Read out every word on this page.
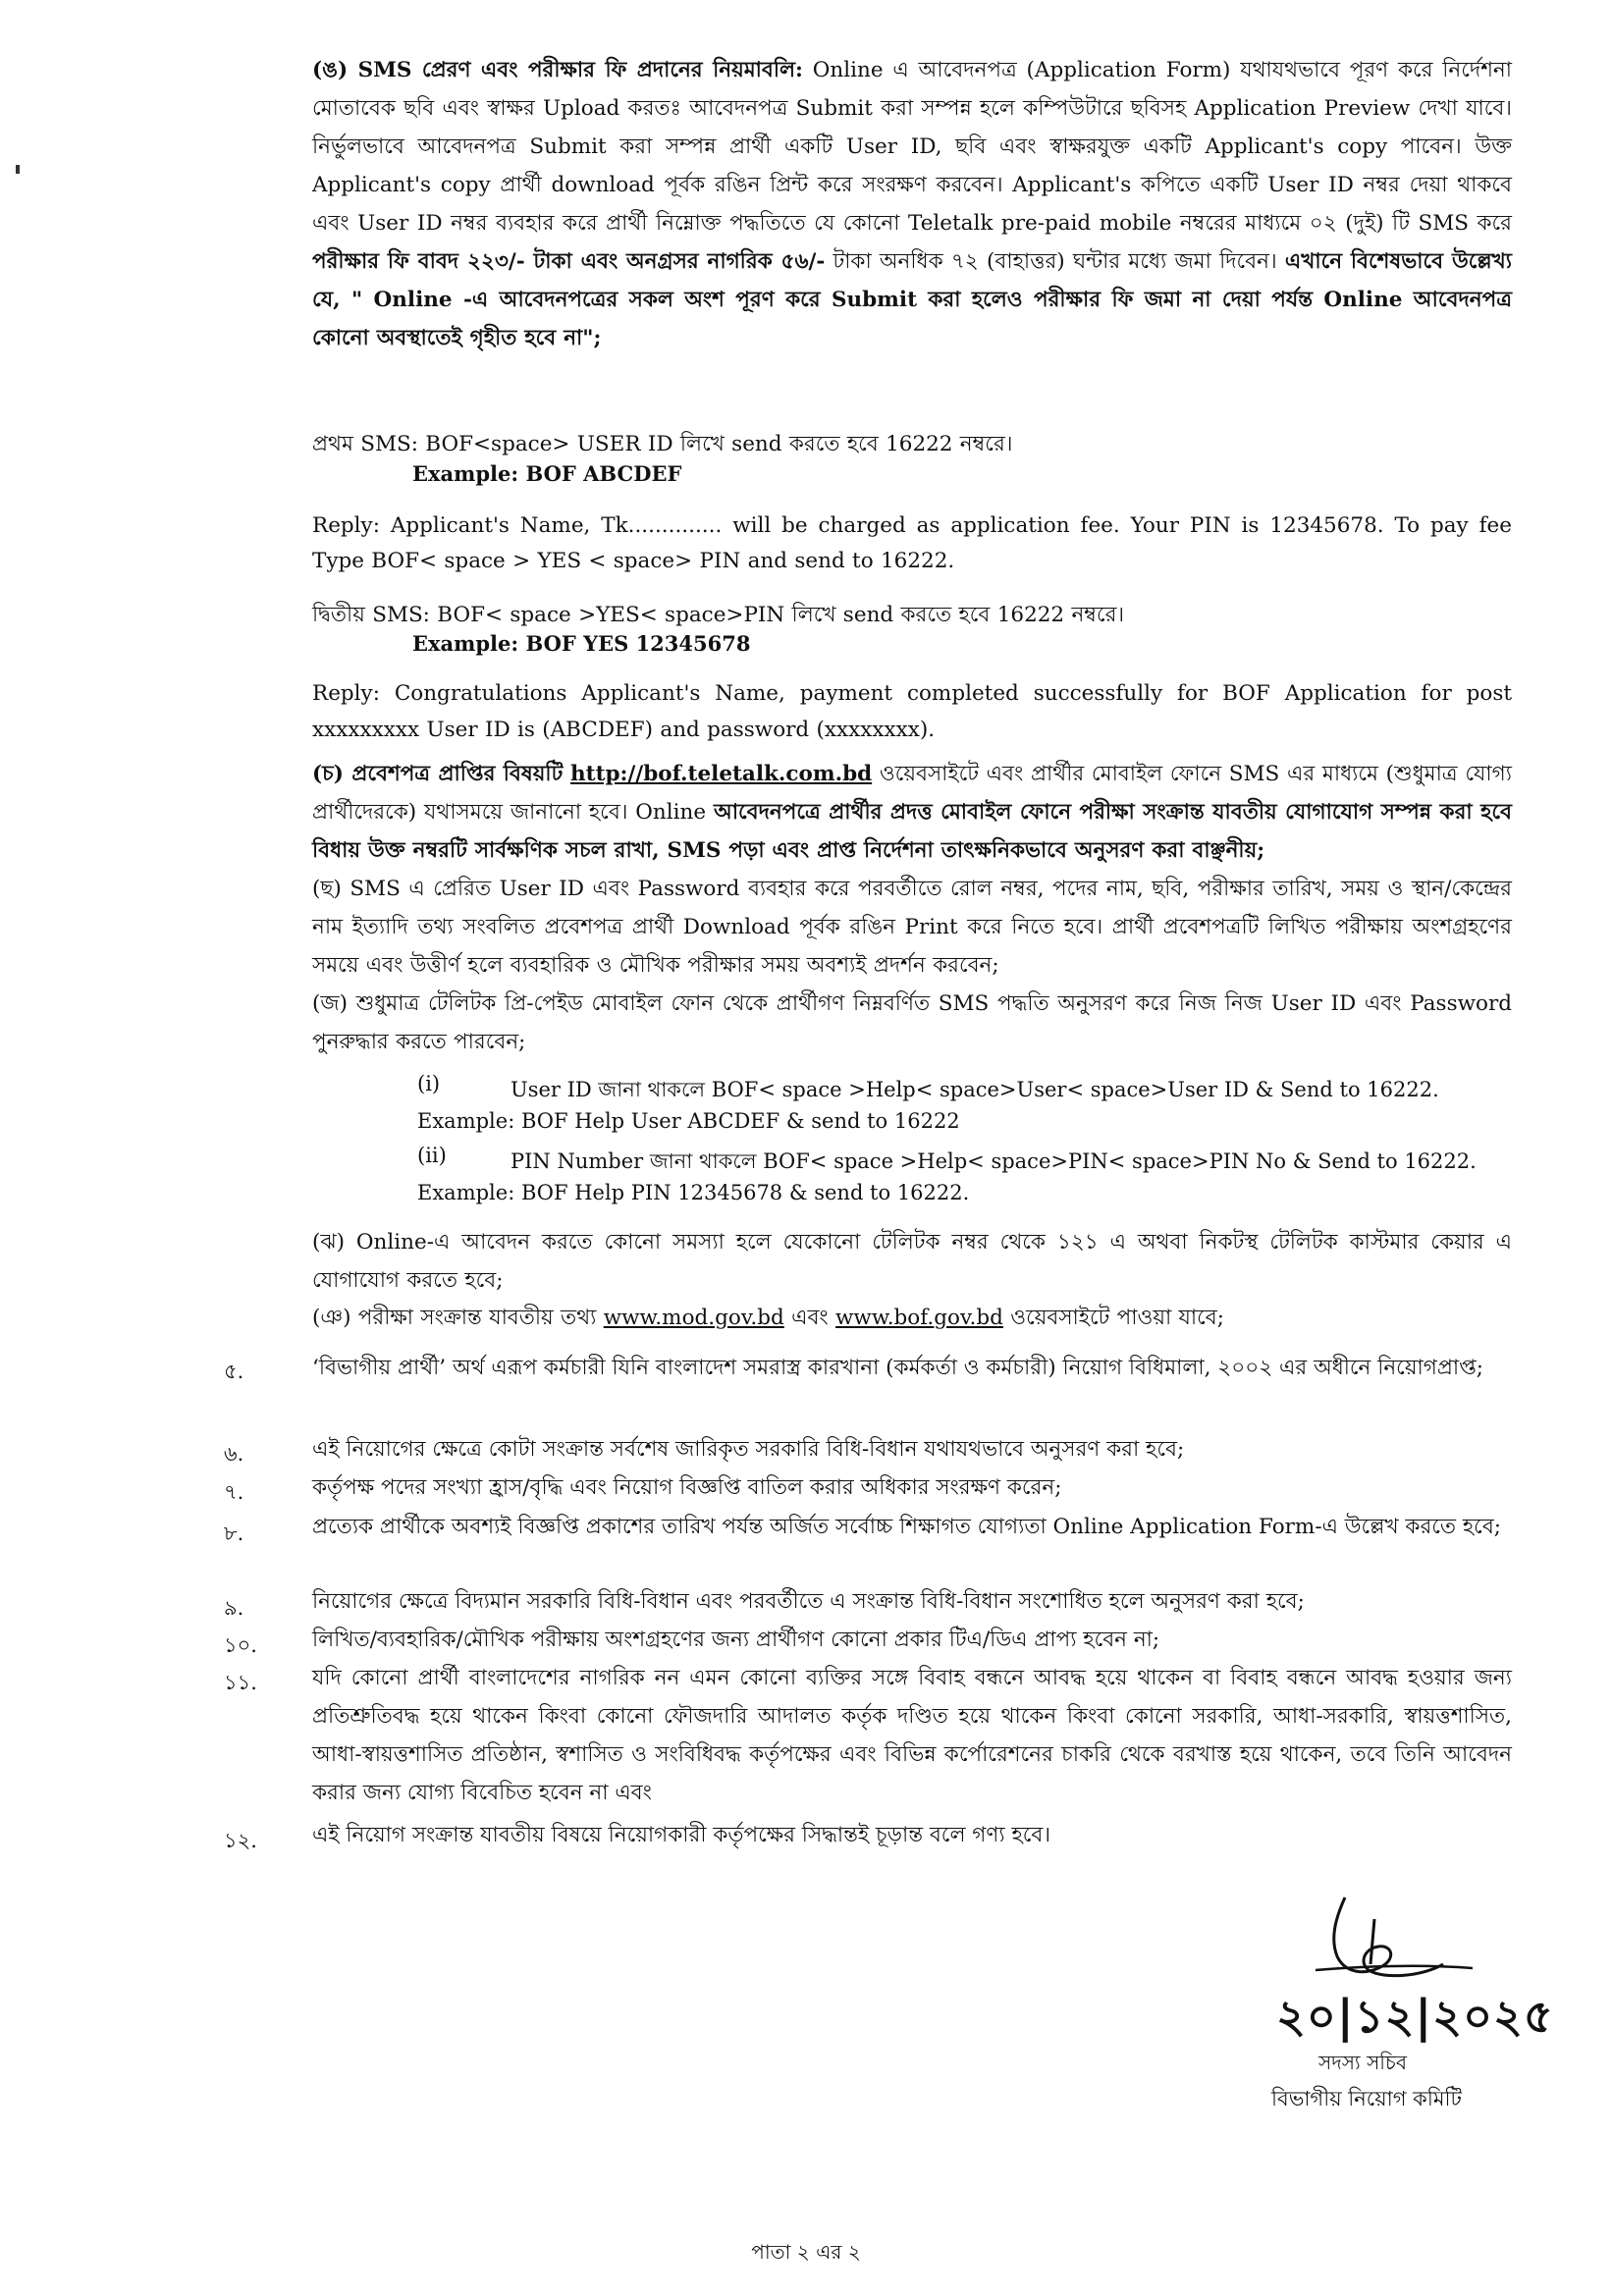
(ঙ) SMS প্রেরণ এবং পরীক্ষার ফি প্রদানের নিয়মাবলি: Online এ আবেদনপত্র (Application Form) যথাযথভাবে পূরণ করে নির্দেশনা মোতাবেক ছবি এবং স্বাক্ষর Upload করতঃ আবেদনপত্র Submit করা সম্পন্ন হলে কম্পিউটারে ছবিসহ Application Preview দেখা যাবে। নির্ভুলভাবে আবেদনপত্র Submit করা সম্পন্ন প্রার্থী একটি User ID, ছবি এবং স্বাক্ষরযুক্ত একটি Applicant's copy পাবেন। উক্ত Applicant's copy প্রার্থী download পূর্বক রঙিন প্রিন্ট করে সংরক্ষণ করবেন। Applicant's কপিতে একটি User ID নম্বর দেয়া থাকবে এবং User ID নম্বর ব্যবহার করে প্রার্থী নিম্নোক্ত পদ্ধতিতে যে কোনো Teletalk pre-paid mobile নম্বরের মাধ্যমে ০২ (দুই) টি SMS করে পরীক্ষার ফি বাবদ ২২৩/- টাকা এবং অনগ্রসর নাগরিক ৫৬/- টাকা অনধিক ৭২ (বাহাত্তর) ঘন্টার মধ্যে জমা দিবেন। এখানে বিশেষভাবে উল্লেখ্য যে, " Online -এ আবেদনপত্রের সকল অংশ পূরণ করে Submit করা হলেও পরীক্ষার ফি জমা না দেয়া পর্যন্ত Online আবেদনপত্র কোনো অবস্থাতেই গৃহীত হবে না";
প্রথম SMS: BOF<space> USER ID লিখে send করতে হবে 16222 নম্বরে।
Example: BOF ABCDEF
Reply: Applicant's Name, Tk.............. will be charged as application fee. Your PIN is 12345678. To pay fee Type BOF< space > YES < space> PIN and send to 16222.
দ্বিতীয় SMS: BOF< space >YES< space>PIN লিখে send করতে হবে 16222 নম্বরে।
Example: BOF YES 12345678
Reply: Congratulations Applicant's Name, payment completed successfully for BOF Application for post xxxxxxxxx User ID is (ABCDEF) and password (xxxxxxxx).
(চ) প্রবেশপত্র প্রাপ্তির বিষয়টি http://bof.teletalk.com.bd ওয়েবসাইটে এবং প্রার্থীর মোবাইল ফোনে SMS এর মাধ্যমে (শুধুমাত্র যোগ্য প্রার্থীদেরকে) যথাসময়ে জানানো হবে। Online আবেদনপত্রে প্রার্থীর প্রদত্ত মোবাইল ফোনে পরীক্ষা সংক্রান্ত যাবতীয় যোগাযোগ সম্পন্ন করা হবে বিধায় উক্ত নম্বরটি সার্বক্ষণিক সচল রাখা, SMS পড়া এবং প্রাপ্ত নির্দেশনা তাৎক্ষনিকভাবে অনুসরণ করা বাঞ্ছনীয়;
(ছ) SMS এ প্রেরিত User ID এবং Password ব্যবহার করে পরবর্তীতে রোল নম্বর, পদের নাম, ছবি, পরীক্ষার তারিখ, সময় ও স্থান/কেন্দ্রের নাম ইত্যাদি তথ্য সংবলিত প্রবেশপত্র প্রার্থী Download পূর্বক রঙিন Print করে নিতে হবে। প্রার্থী প্রবেশপত্রটি লিখিত পরীক্ষায় অংশগ্রহণের সময়ে এবং উত্তীর্ণ হলে ব্যবহারিক ও মৌখিক পরীক্ষার সময় অবশ্যই প্রদর্শন করবেন;
(জ) শুধুমাত্র টেলিটক প্রি-পেইড মোবাইল ফোন থেকে প্রার্থীগণ নিম্নবর্ণিত SMS পদ্ধতি অনুসরণ করে নিজ নিজ User ID এবং Password পুনরুদ্ধার করতে পারবেন;
(i)	User ID জানা থাকলে BOF< space >Help< space>User< space>User ID & Send to 16222.
Example: BOF Help User ABCDEF & send to 16222
(ii)	PIN Number জানা থাকলে BOF< space >Help< space>PIN< space>PIN No & Send to 16222.
Example: BOF Help PIN 12345678 & send to 16222.
(ঝ) Online-এ আবেদন করতে কোনো সমস্যা হলে যেকোনো টেলিটক নম্বর থেকে ১২১ এ অথবা নিকটস্থ টেলিটক কাস্টমার কেয়ার এ যোগাযোগ করতে হবে;
(ঞ) পরীক্ষা সংক্রান্ত যাবতীয় তথ্য www.mod.gov.bd এবং www.bof.gov.bd ওয়েবসাইটে পাওয়া যাবে;
৫.	‘বিভাগীয় প্রার্থী’ অর্থ এরূপ কর্মচারী যিনি বাংলাদেশ সমরাস্ত্র কারখানা (কর্মকর্তা ও কর্মচারী) নিয়োগ বিধিমালা, ২০০২ এর অধীনে নিয়োগপ্রাপ্ত;
৬.	এই নিয়োগের ক্ষেত্রে কোটা সংক্রান্ত সর্বশেষ জারিকৃত সরকারি বিধি-বিধান যথাযথভাবে অনুসরণ করা হবে;
৭.	কর্তৃপক্ষ পদের সংখ্যা হ্রাস/বৃদ্ধি এবং নিয়োগ বিজ্ঞপ্তি বাতিল করার অধিকার সংরক্ষণ করেন;
৮.	প্রত্যেক প্রার্থীকে অবশ্যই বিজ্ঞপ্তি প্রকাশের তারিখ পর্যন্ত অর্জিত সর্বোচ্চ শিক্ষাগত যোগ্যতা Online Application Form-এ উল্লেখ করতে হবে;
৯.	নিয়োগের ক্ষেত্রে বিদ্যমান সরকারি বিধি-বিধান এবং পরবর্তীতে এ সংক্রান্ত বিধি-বিধান সংশোধিত হলে অনুসরণ করা হবে;
১০.	লিখিত/ব্যবহারিক/মৌখিক পরীক্ষায় অংশগ্রহণের জন্য প্রার্থীগণ কোনো প্রকার টিএ/ডিএ প্রাপ্য হবেন না;
১১.	যদি কোনো প্রার্থী বাংলাদেশের নাগরিক নন এমন কোনো ব্যক্তির সঙ্গে বিবাহ বন্ধনে আবদ্ধ হয়ে থাকেন বা বিবাহ বন্ধনে আবদ্ধ হওয়ার জন্য প্রতিশ্রুতিবদ্ধ হয়ে থাকেন কিংবা কোনো ফৌজদারি আদালত কর্তৃক দণ্ডিত হয়ে থাকেন কিংবা কোনো সরকারি, আধা-সরকারি, স্বায়ত্তশাসিত, আধা-স্বায়ত্তশাসিত প্রতিষ্ঠান, স্বশাসিত ও সংবিধিবদ্ধ কর্তৃপক্ষের এবং বিভিন্ন কর্পোরেশনের চাকরি থেকে বরখাস্ত হয়ে থাকেন, তবে তিনি আবেদন করার জন্য যোগ্য বিবেচিত হবেন না এবং
১২.	এই নিয়োগ সংক্রান্ত যাবতীয় বিষয়ে নিয়োগকারী কর্তৃপক্ষের সিদ্ধান্তই চূড়ান্ত বলে গণ্য হবে।
২০|১২|২০২৫
সদস্য সচিব
বিভাগীয় নিয়োগ কমিটি
পাতা ২ এর ২
